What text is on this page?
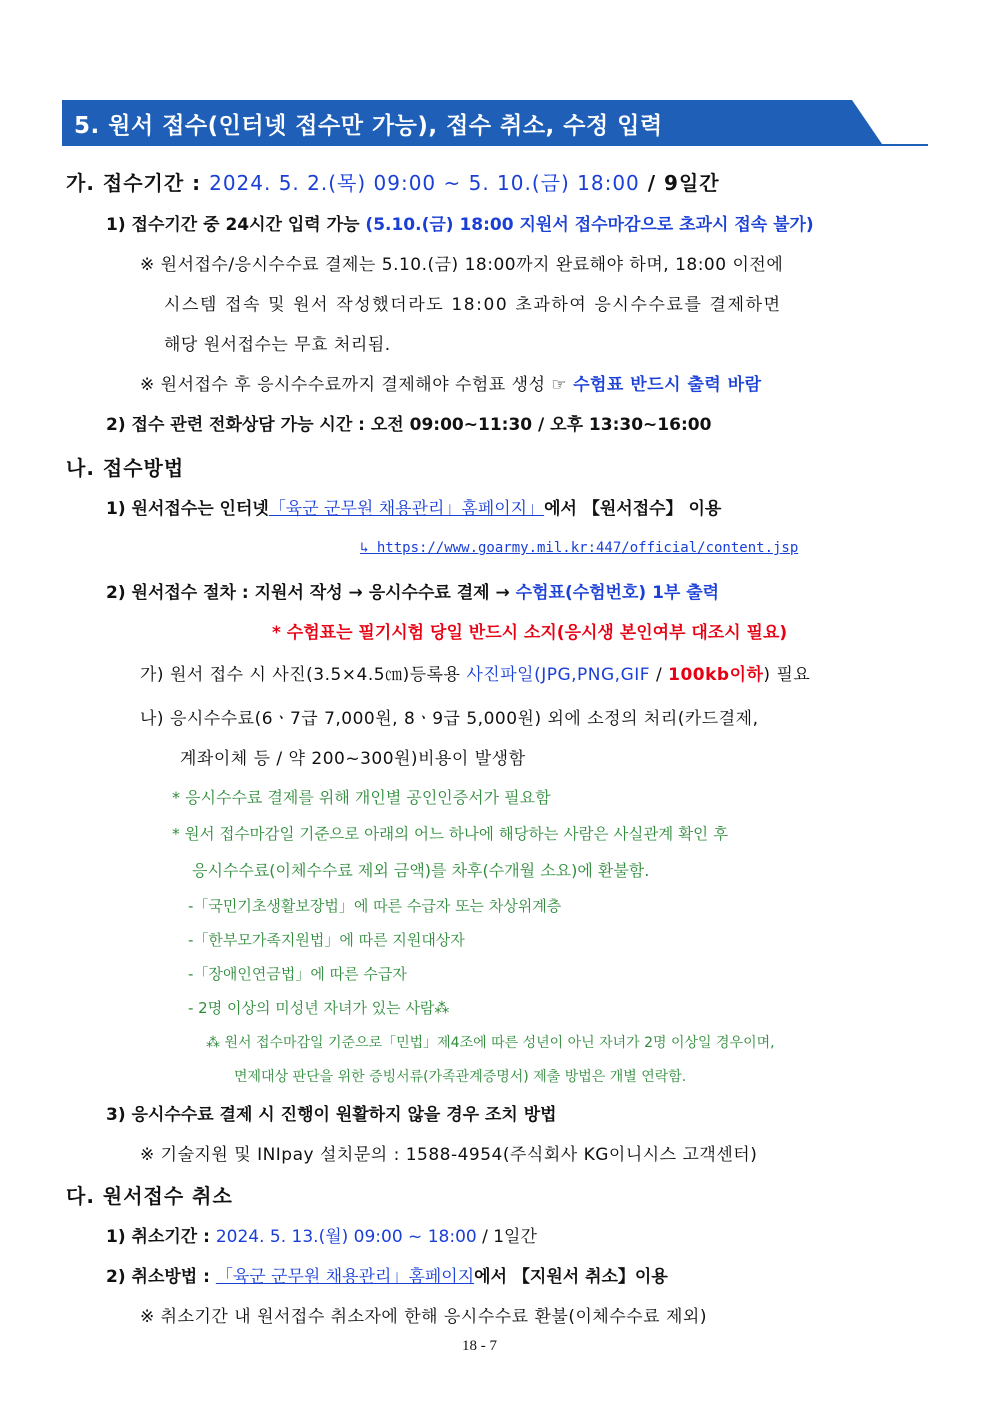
5. 원서 접수(인터넷 접수만 가능), 접수 취소, 수정 입력
가. 접수기간 : 2024. 5. 2.(목) 09:00 ~ 5. 10.(금) 18:00 / 9일간
1) 접수기간 중 24시간 입력 가능 (5.10.(금) 18:00 지원서 접수마감으로 초과시 접속 불가)
※ 원서접수/응시수수료 결제는 5.10.(금) 18:00까지 완료해야 하며, 18:00 이전에
시스템 접속 및 원서 작성했더라도 18:00 초과하여 응시수수료를 결제하면
해당 원서접수는 무효 처리됨.
※ 원서접수 후 응시수수료까지 결제해야 수험표 생성 ☞ 수험표 반드시 출력 바람
2) 접수 관련 전화상담 가능 시간 : 오전 09:00~11:30 / 오후 13:30~16:00
나. 접수방법
1) 원서접수는 인터넷「육군 군무원 채용관리」홈페이지」에서 【원서접수】 이용
↳ https://www.goarmy.mil.kr:447/official/content.jsp
2) 원서접수 절차 : 지원서 작성 → 응시수수료 결제 → 수험표(수험번호) 1부 출력
* 수험표는 필기시험 당일 반드시 소지(응시생 본인여부 대조시 필요)
가) 원서 접수 시 사진(3.5×4.5㎝)등록용 사진파일(JPG,PNG,GIF / 100kb이하) 필요
나) 응시수수료(6ㆍ7급 7,000원, 8ㆍ9급 5,000원) 외에 소정의 처리(카드결제,
계좌이체 등 / 약 200~300원)비용이 발생함
* 응시수수료 결제를 위해 개인별 공인인증서가 필요함
* 원서 접수마감일 기준으로 아래의 어느 하나에 해당하는 사람은 사실관계 확인 후
응시수수료(이체수수료 제외 금액)를 차후(수개월 소요)에 환불함.
-「국민기초생활보장법」에 따른 수급자 또는 차상위계층
-「한부모가족지원법」에 따른 지원대상자
-「장애인연금법」에 따른 수급자
- 2명 이상의 미성년 자녀가 있는 사람⁂
⁂ 원서 접수마감일 기준으로「민법」제4조에 따른 성년이 아닌 자녀가 2명 이상일 경우이며,
면제대상 판단을 위한 증빙서류(가족관계증명서) 제출 방법은 개별 연락함.
3) 응시수수료 결제 시 진행이 원활하지 않을 경우 조치 방법
※ 기술지원 및 INIpay 설치문의 : 1588-4954(주식회사 KG이니시스 고객센터)
다. 원서접수 취소
1) 취소기간 : 2024. 5. 13.(월) 09:00 ~ 18:00 / 1일간
2) 취소방법 : 「육군 군무원 채용관리」홈페이지에서 【지원서 취소】이용
※ 취소기간 내 원서접수 취소자에 한해 응시수수료 환불(이체수수료 제외)
18 - 7
